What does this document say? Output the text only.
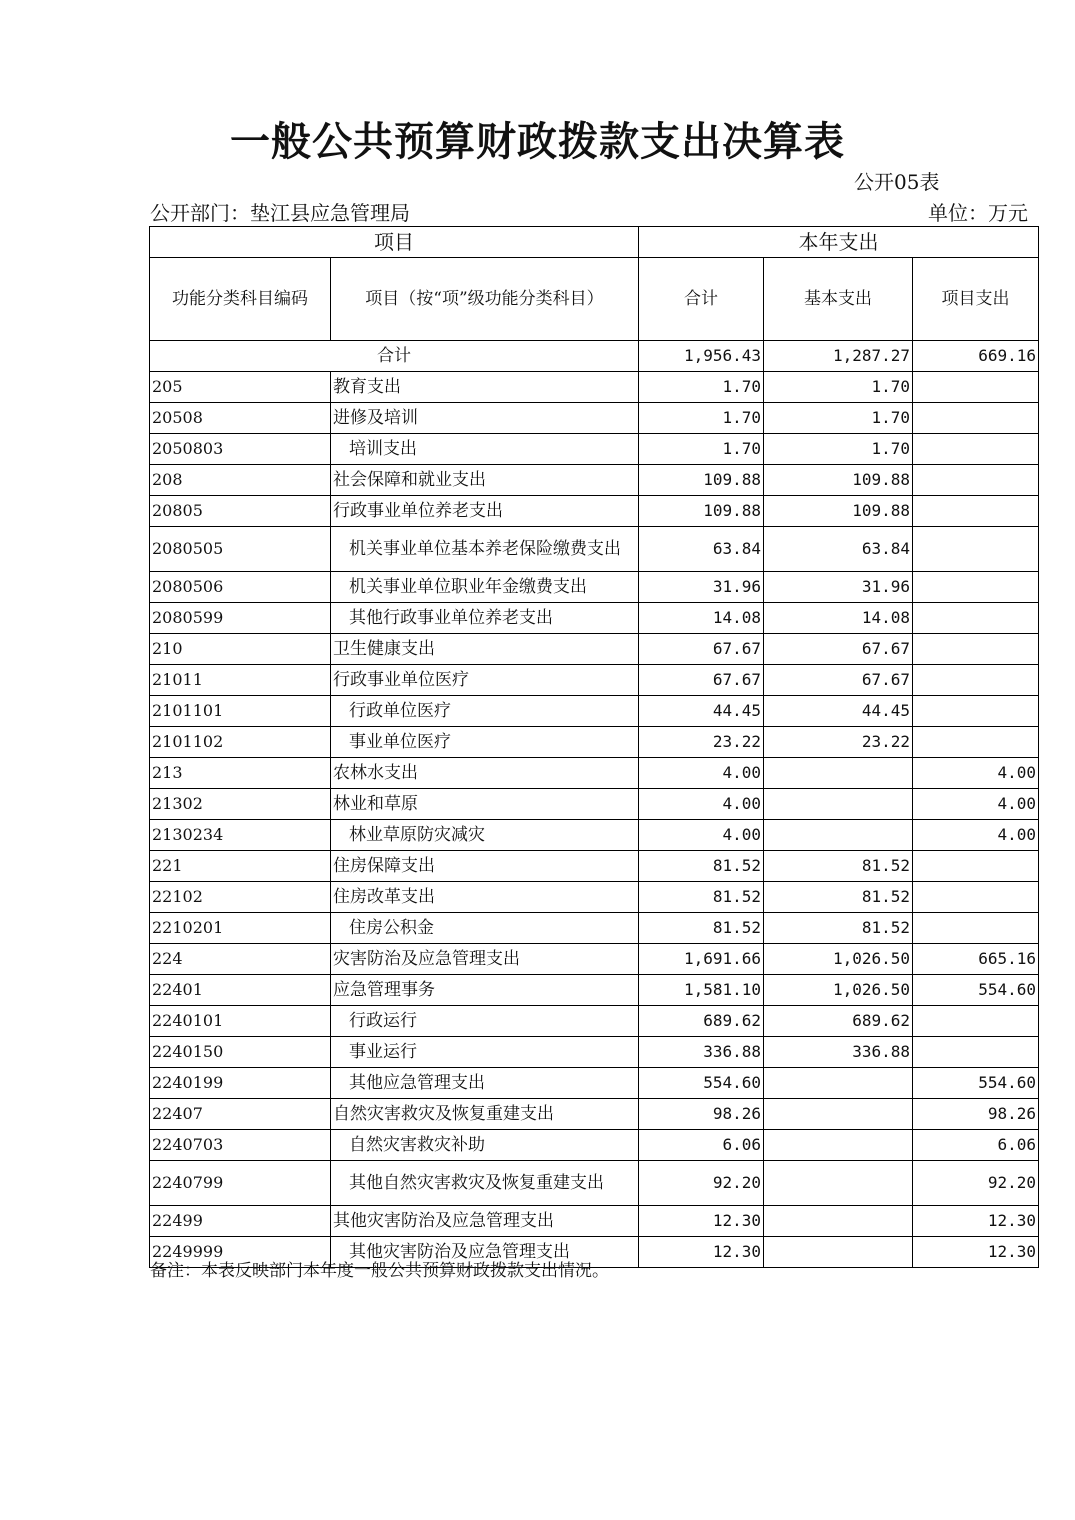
一般公共预算财政拨款支出决算表
公开05表
公开部门：垫江县应急管理局	单位：万元
项目		本年支出		
功能分类科目编码	项目（按“项”级功能分类科目）	合计	基本支出	项目支出
合计		1,956.43	1,287.27	669.16
205	教育支出	1.70	1.70	
20508	进修及培训	1.70	1.70	
2050803	培训支出	1.70	1.70	
208	社会保障和就业支出	109.88	109.88	
20805	行政事业单位养老支出	109.88	109.88	
2080505	机关事业单位基本养老保险缴费支出	63.84	63.84	
2080506	机关事业单位职业年金缴费支出	31.96	31.96	
2080599	其他行政事业单位养老支出	14.08	14.08	
210	卫生健康支出	67.67	67.67	
21011	行政事业单位医疗	67.67	67.67	
2101101	行政单位医疗	44.45	44.45	
2101102	事业单位医疗	23.22	23.22	
213	农林水支出	4.00		4.00
21302	林业和草原	4.00		4.00
2130234	林业草原防灾减灾	4.00		4.00
221	住房保障支出	81.52	81.52	
22102	住房改革支出	81.52	81.52	
2210201	住房公积金	81.52	81.52	
224	灾害防治及应急管理支出	1,691.66	1,026.50	665.16
22401	应急管理事务	1,581.10	1,026.50	554.60
2240101	行政运行	689.62	689.62	
2240150	事业运行	336.88	336.88	
2240199	其他应急管理支出	554.60		554.60
22407	自然灾害救灾及恢复重建支出	98.26		98.26
2240703	自然灾害救灾补助	6.06		6.06
2240799	其他自然灾害救灾及恢复重建支出	92.20		92.20
22499	其他灾害防治及应急管理支出	12.30		12.30
2249999	其他灾害防治及应急管理支出	12.30		12.30
备注：本表反映部门本年度一般公共预算财政拨款支出情况。
